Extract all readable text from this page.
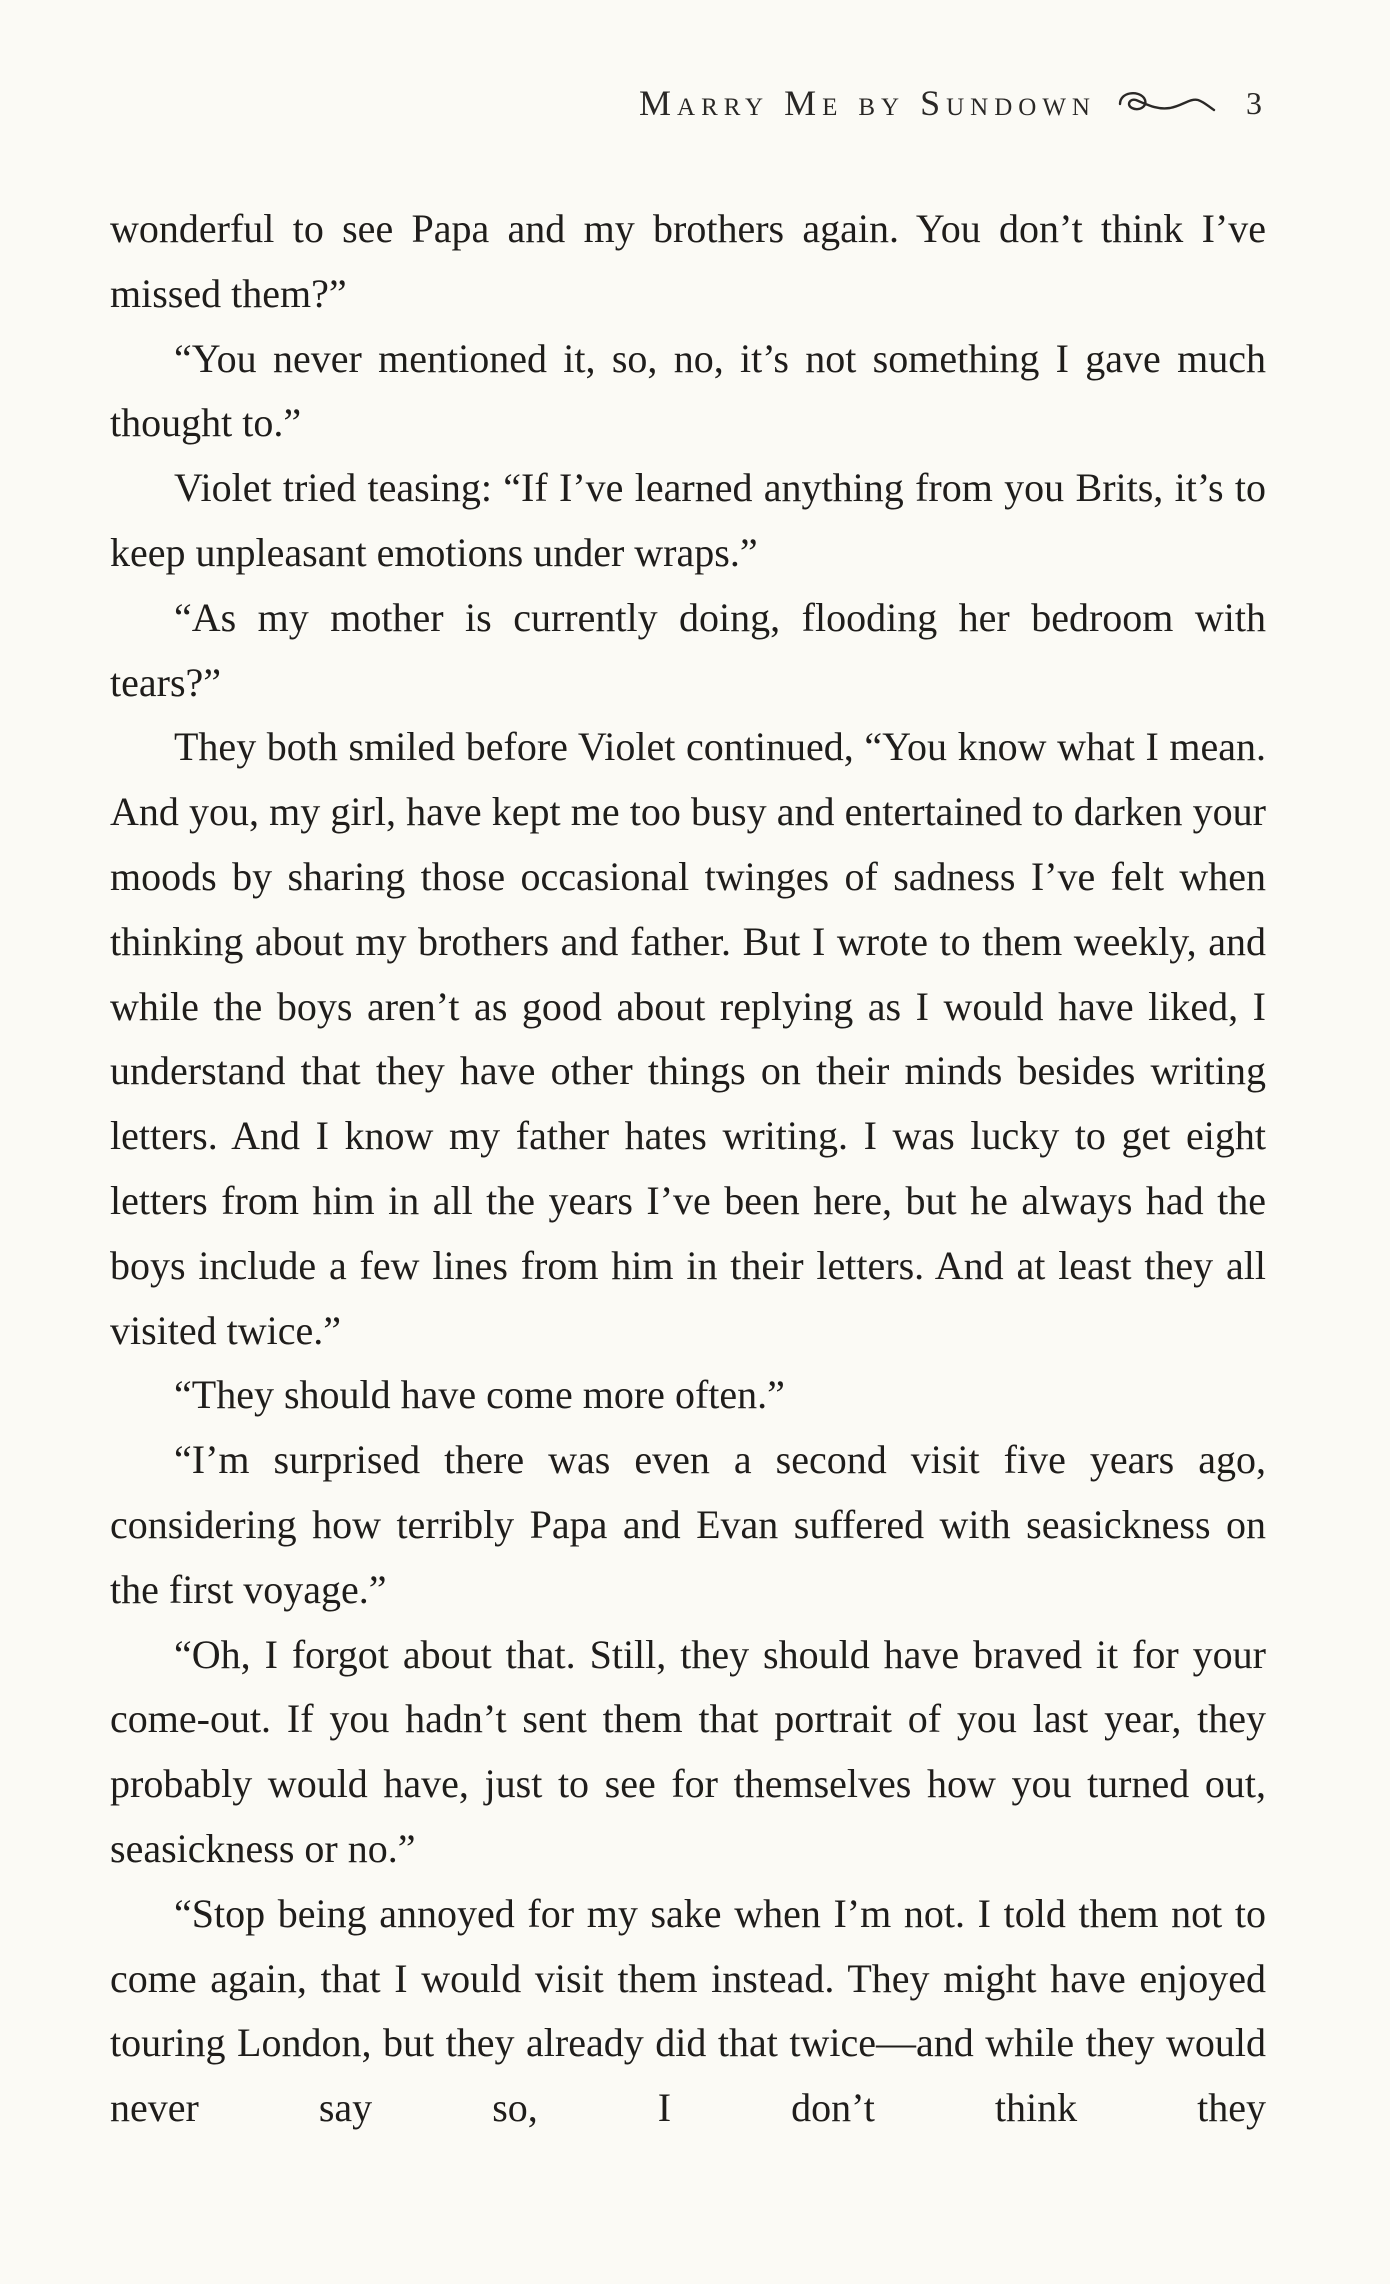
Marry Me by Sundown	3

wonderful to see Papa and my brothers again. You don’t think I’ve missed them?”

“You never mentioned it, so, no, it’s not something I gave much thought to.”

Violet tried teasing: “If I’ve learned anything from you Brits, it’s to keep unpleasant emotions under wraps.”

“As my mother is currently doing, flooding her bedroom with tears?”

They both smiled before Violet continued, “You know what I mean. And you, my girl, have kept me too busy and entertained to darken your moods by sharing those occasional twinges of sadness I’ve felt when thinking about my brothers and father. But I wrote to them weekly, and while the boys aren’t as good about replying as I would have liked, I understand that they have other things on their minds besides writing letters. And I know my father hates writing. I was lucky to get eight letters from him in all the years I’ve been here, but he always had the boys include a few lines from him in their letters. And at least they all visited twice.”

“They should have come more often.”

“I’m surprised there was even a second visit five years ago, considering how terribly Papa and Evan suffered with seasickness on the first voyage.”

“Oh, I forgot about that. Still, they should have braved it for your come-out. If you hadn’t sent them that portrait of you last year, they probably would have, just to see for themselves how you turned out, seasickness or no.”

“Stop being annoyed for my sake when I’m not. I told them not to come again, that I would visit them instead. They might have enjoyed touring London, but they already did that twice—and while they would never say so, I don’t think they
